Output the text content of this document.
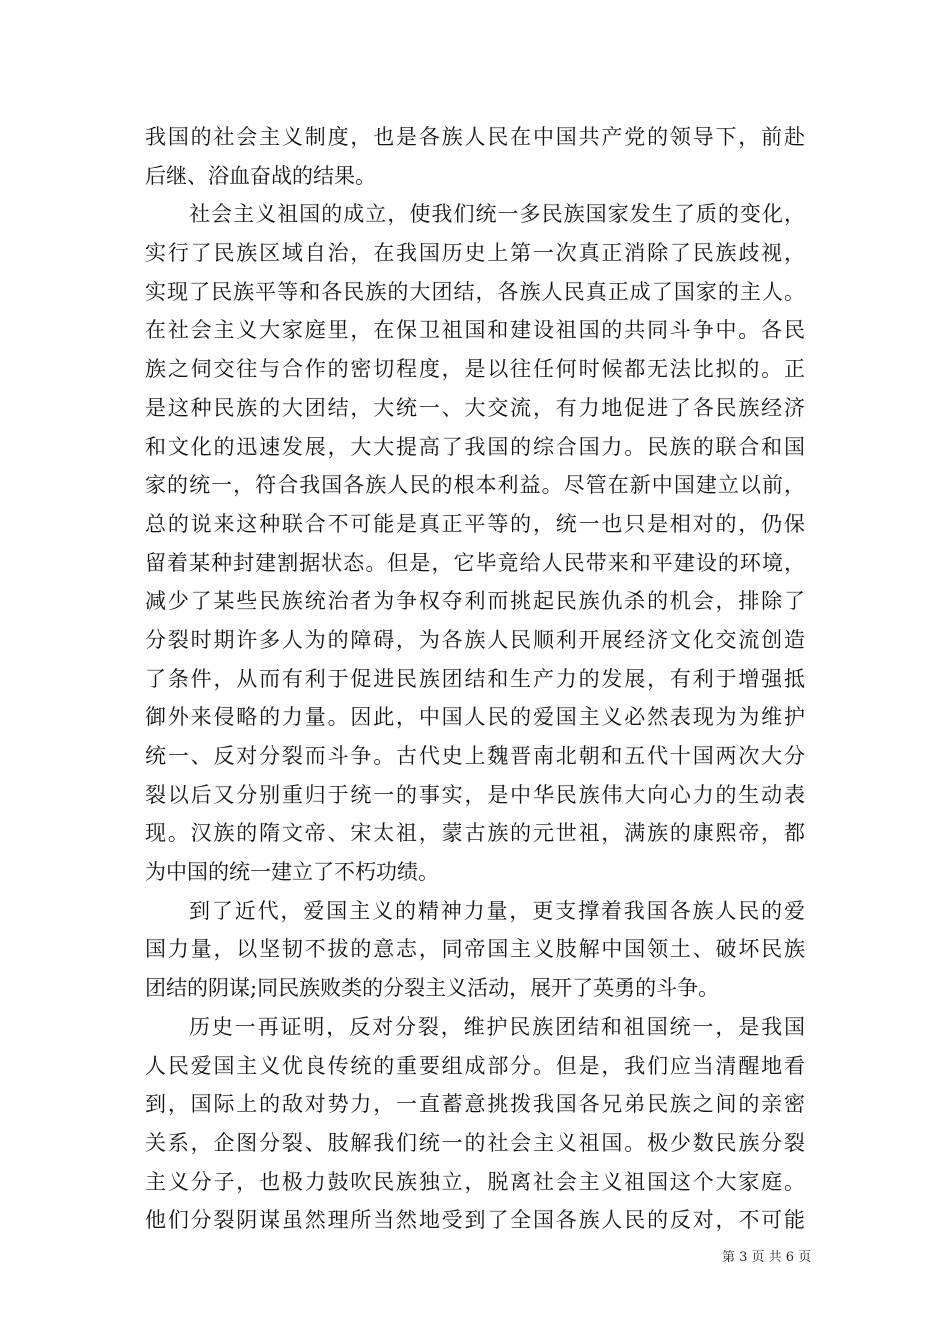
我国的社会主义制度，也是各族人民在中国共产党的领导下，前赴
后继、浴血奋战的结果。
社会主义祖国的成立，使我们统一多民族国家发生了质的变化，
实行了民族区域自治，在我国历史上第一次真正消除了民族歧视，
实现了民族平等和各民族的大团结，各族人民真正成了国家的主人。
在社会主义大家庭里，在保卫祖国和建设祖国的共同斗争中。各民
族之伺交往与合作的密切程度，是以往任何时候都无法比拟的。正
是这种民族的大团结，大统一、大交流，有力地促进了各民族经济
和文化的迅速发展，大大提高了我国的综合国力。民族的联合和国
家的统一，符合我国各族人民的根本利益。尽管在新中国建立以前，
总的说来这种联合不可能是真正平等的，统一也只是相对的，仍保
留着某种封建割据状态。但是，它毕竟给人民带来和平建设的环境，
减少了某些民族统治者为争权夺利而挑起民族仇杀的机会，排除了
分裂时期许多人为的障碍，为各族人民顺利开展经济文化交流创造
了条件，从而有利于促进民族团结和生产力的发展，有利于增强抵
御外来侵略的力量。因此，中国人民的爱国主义必然表现为为维护
统一、反对分裂而斗争。古代史上魏晋南北朝和五代十国两次大分
裂以后又分别重归于统一的事实，是中华民族伟大向心力的生动表
现。汉族的隋文帝、宋太祖，蒙古族的元世祖，满族的康熙帝，都
为中国的统一建立了不朽功绩。
到了近代，爱国主义的精神力量，更支撑着我国各族人民的爱
国力量，以坚韧不拔的意志，同帝国主义肢解中国领土、破坏民族
团结的阴谋;同民族败类的分裂主义活动，展开了英勇的斗争。
历史一再证明，反对分裂，维护民族团结和祖国统一，是我国
人民爱国主义优良传统的重要组成部分。但是，我们应当清醒地看
到，国际上的敌对势力，一直蓄意挑拨我国各兄弟民族之间的亲密
关系，企图分裂、肢解我们统一的社会主义祖国。极少数民族分裂
主义分子，也极力鼓吹民族独立，脱离社会主义祖国这个大家庭。
他们分裂阴谋虽然理所当然地受到了全国各族人民的反对，不可能
第 3 页 共 6 页
